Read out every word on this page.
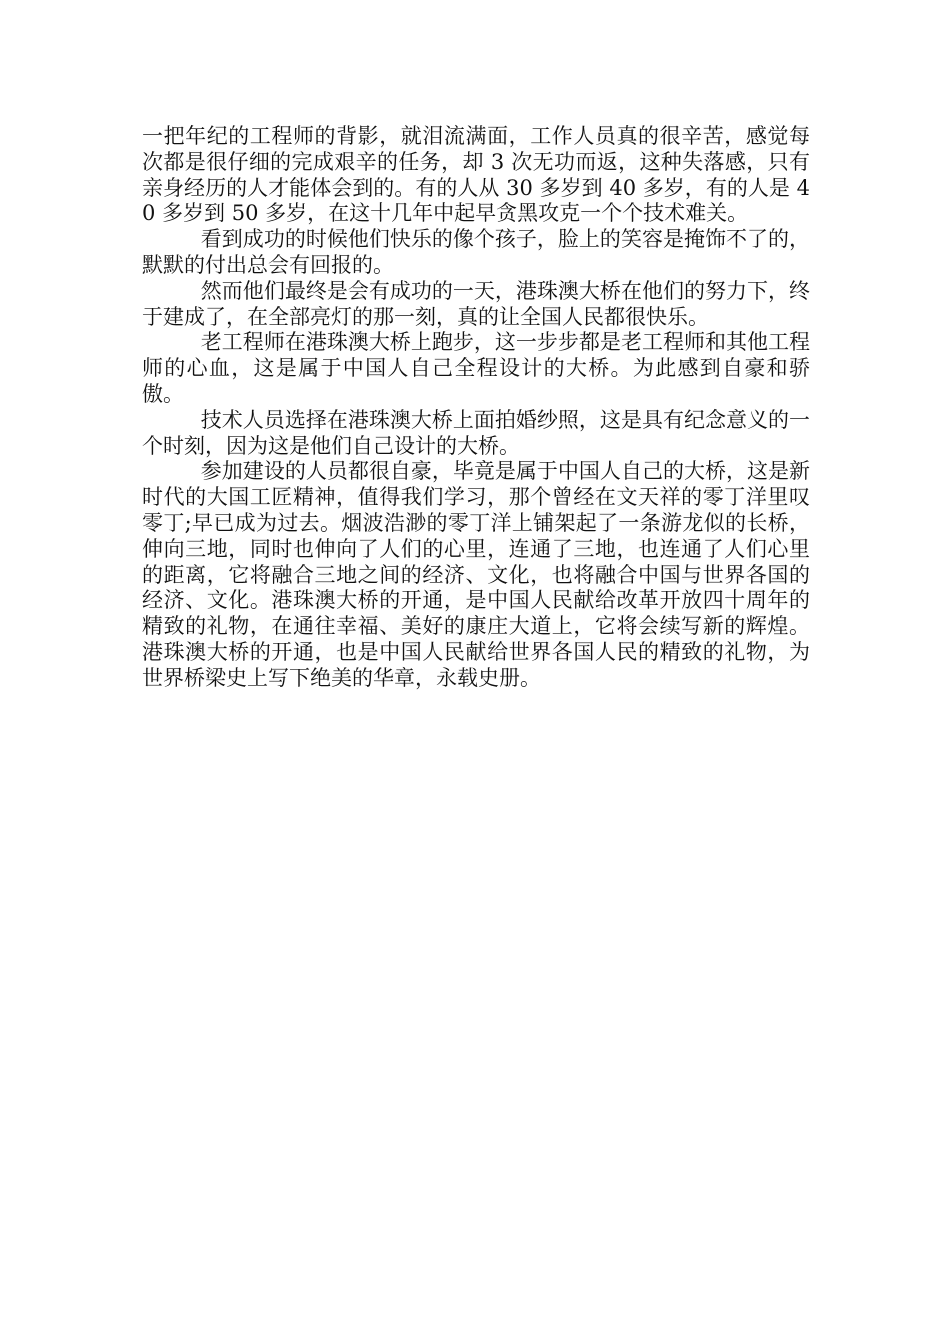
一把年纪的工程师的背影，就泪流满面，工作人员真的很辛苦，感觉每次都是很仔细的完成艰辛的任务，却 3 次无功而返，这种失落感，只有亲身经历的人才能体会到的。有的人从 30 多岁到 40 多岁，有的人是 40 多岁到 50 多岁，在这十几年中起早贪黑攻克一个个技术难关。

看到成功的时候他们快乐的像个孩子，脸上的笑容是掩饰不了的，默默的付出总会有回报的。

然而他们最终是会有成功的一天，港珠澳大桥在他们的努力下，终于建成了，在全部亮灯的那一刻，真的让全国人民都很快乐。

老工程师在港珠澳大桥上跑步，这一步步都是老工程师和其他工程师的心血，这是属于中国人自己全程设计的大桥。为此感到自豪和骄傲。

技术人员选择在港珠澳大桥上面拍婚纱照，这是具有纪念意义的一个时刻，因为这是他们自己设计的大桥。

参加建设的人员都很自豪，毕竟是属于中国人自己的大桥，这是新时代的大国工匠精神，值得我们学习，那个曾经在文天祥的零丁洋里叹零丁;早已成为过去。烟波浩渺的零丁洋上铺架起了一条游龙似的长桥，伸向三地，同时也伸向了人们的心里，连通了三地，也连通了人们心里的距离，它将融合三地之间的经济、文化，也将融合中国与世界各国的经济、文化。港珠澳大桥的开通，是中国人民献给改革开放四十周年的精致的礼物，在通往幸福、美好的康庄大道上，它将会续写新的辉煌。港珠澳大桥的开通，也是中国人民献给世界各国人民的精致的礼物，为世界桥梁史上写下绝美的华章，永载史册。
